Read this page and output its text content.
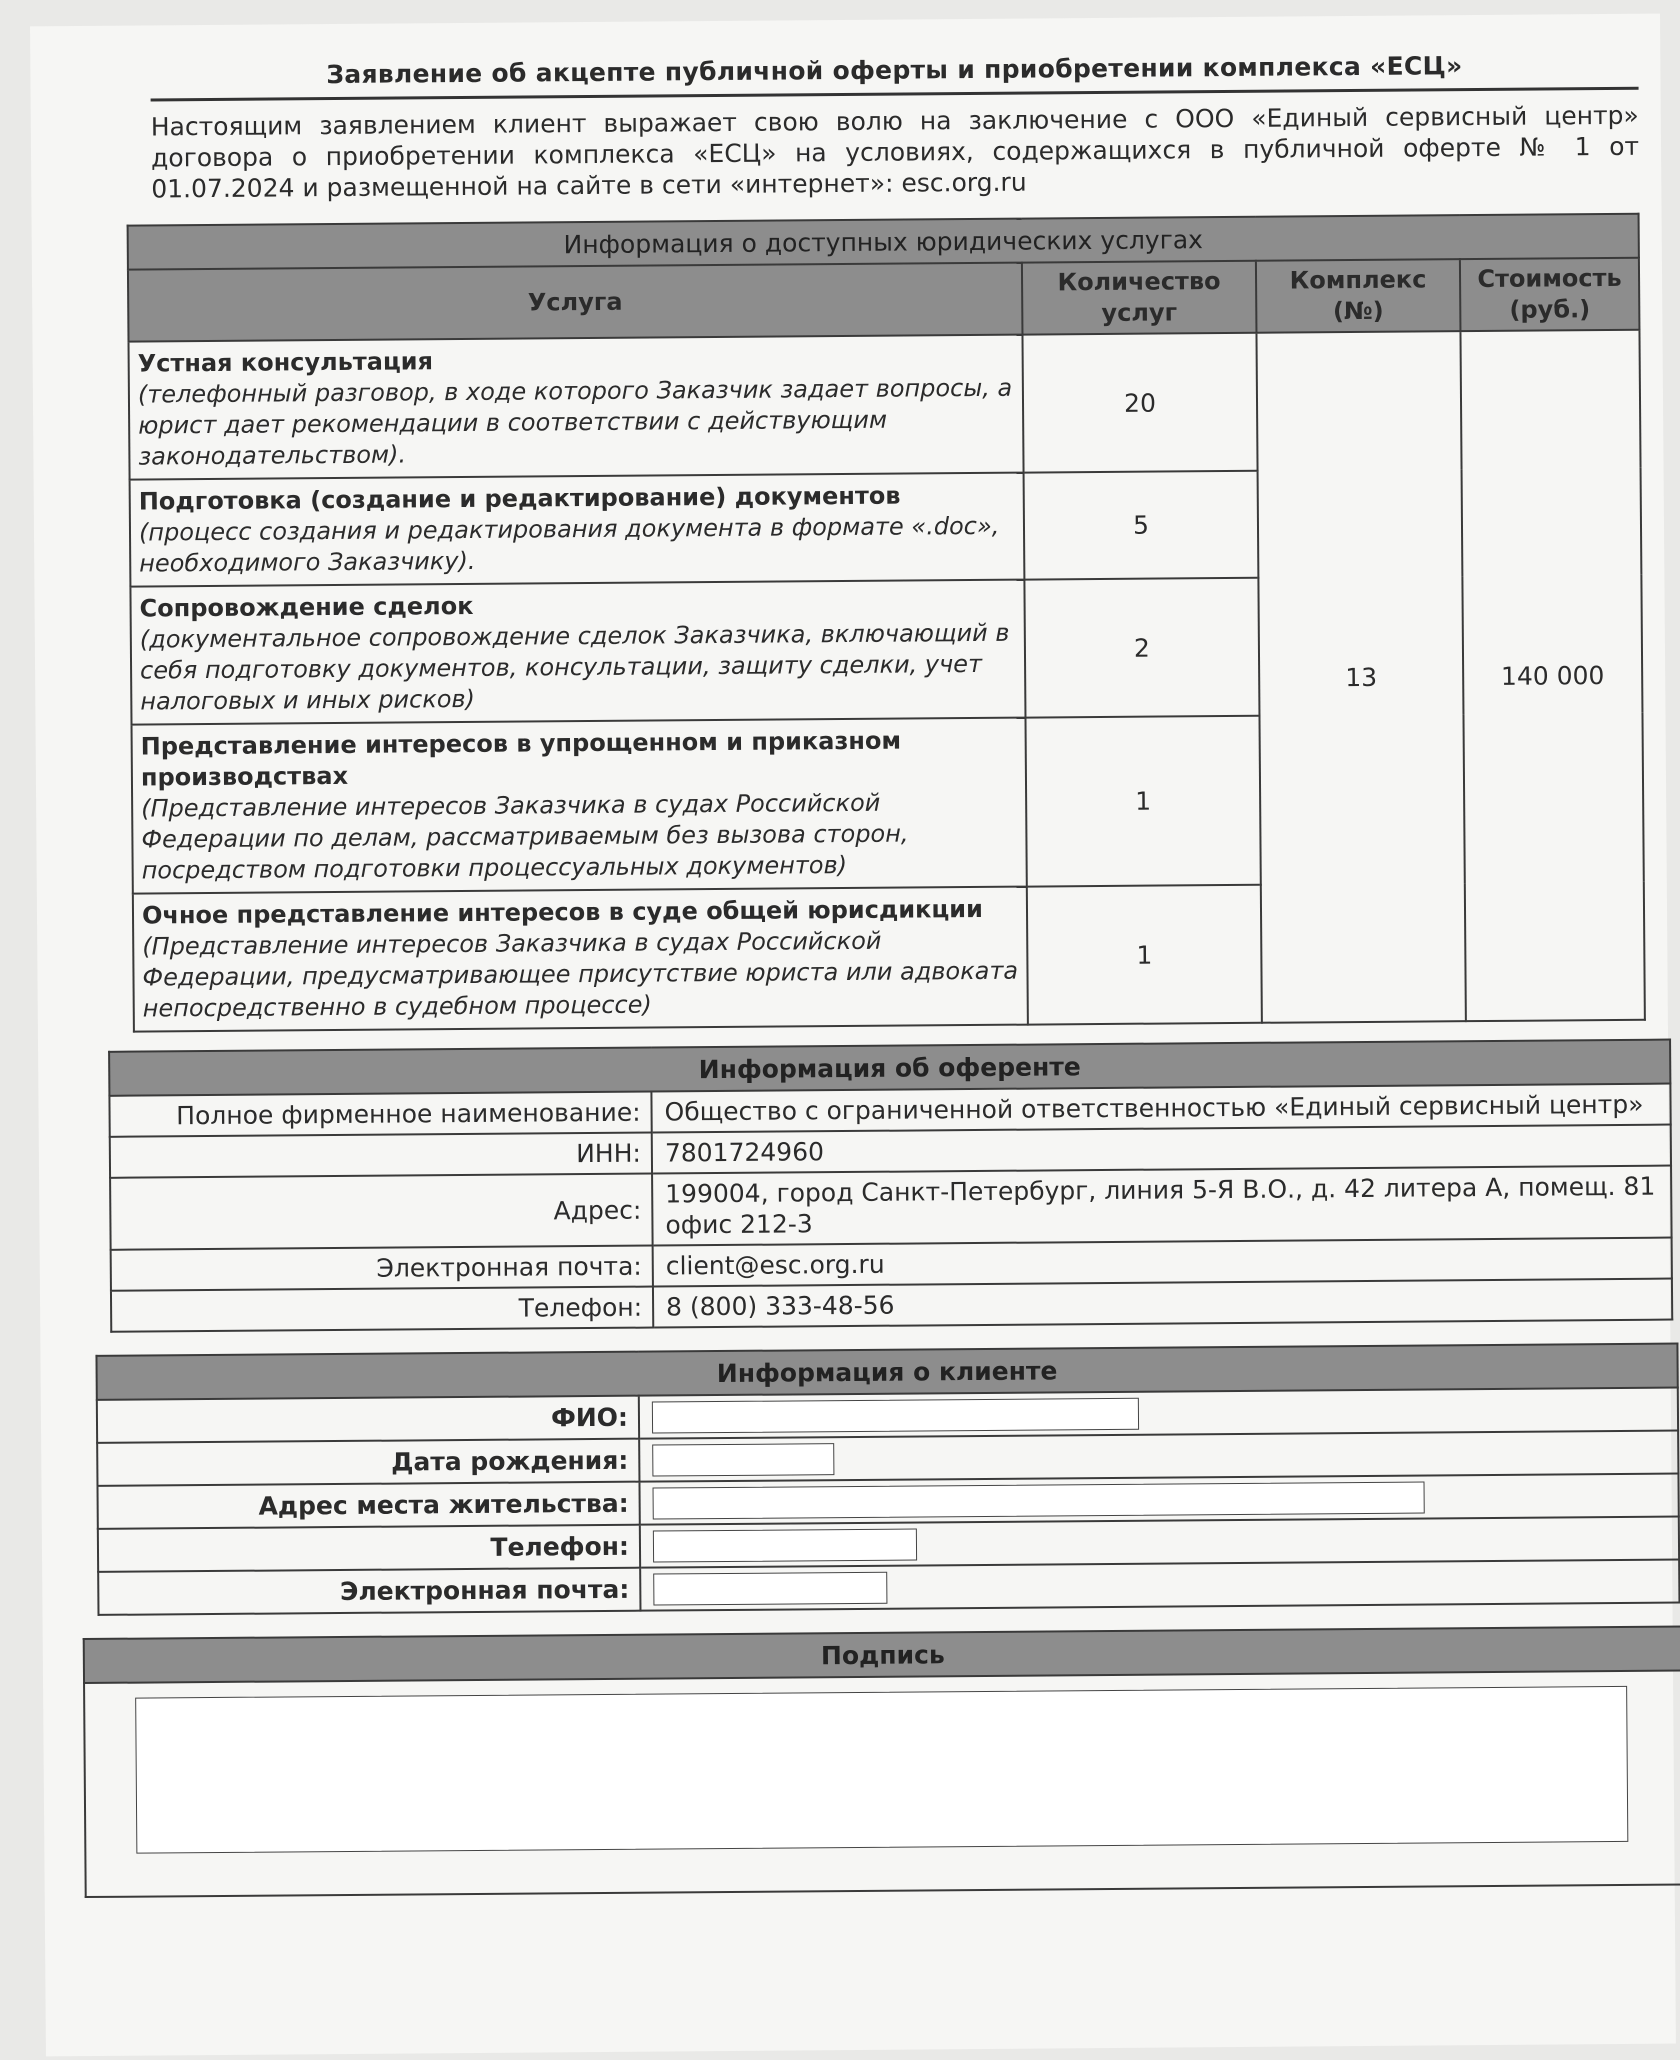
Заявление об акцепте публичной оферты и приобретении комплекса «ЕСЦ»

Настоящим заявлением клиент выражает свою волю на заключение с ООО «Единый сервисный центр» договора о приобретении комплекса «ЕСЦ» на условиях, содержащихся в публичной оферте № 1 от 01.07.2024 и размещенной на сайте в сети «интернет»: esc.org.ru

Информация о доступных юридических услугах			
Услуга	Количество услуг	Комплекс (№)	Стоимость (руб.)

Устная консультация
(телефонный разговор, в ходе которого Заказчик задает вопросы, а юрист дает рекомендации в соответствии с действующим законодательством).	20	13	140 000

Подготовка (создание и редактирование) документов
(процесс создания и редактирования документа в формате «.doc», необходимого Заказчику).	5		

Сопровождение сделок
(документальное сопровождение сделок Заказчика, включающий в себя подготовку документов, консультации, защиту сделки, учет налоговых и иных рисков)	2		

Представление интересов в упрощенном и приказном производствах
(Представление интересов Заказчика в судах Российской Федерации по делам, рассматриваемым без вызова сторон, посредством подготовки процессуальных документов)	1		

Очное представление интересов в суде общей юрисдикции
(Представление интересов Заказчика в судах Российской Федерации, предусматривающее присутствие юриста или адвоката непосредственно в судебном процессе)	1		
Информация об оференте	
Полное фирменное наименование:	Общество с ограниченной ответственностью «Единый сервисный центр»
ИНН:	7801724960
Адрес:	199004, город Санкт-Петербург, линия 5-Я В.О., д. 42 литера А, помещ. 81 офис 212-3
Электронная почта:	client@esc.org.ru
Телефон:	8 (800) 333-48-56
Информация о клиенте	
ФИО:	
Дата рождения:	
Адрес места жительства:	
Телефон:	
Электронная почта:	
Подпись
